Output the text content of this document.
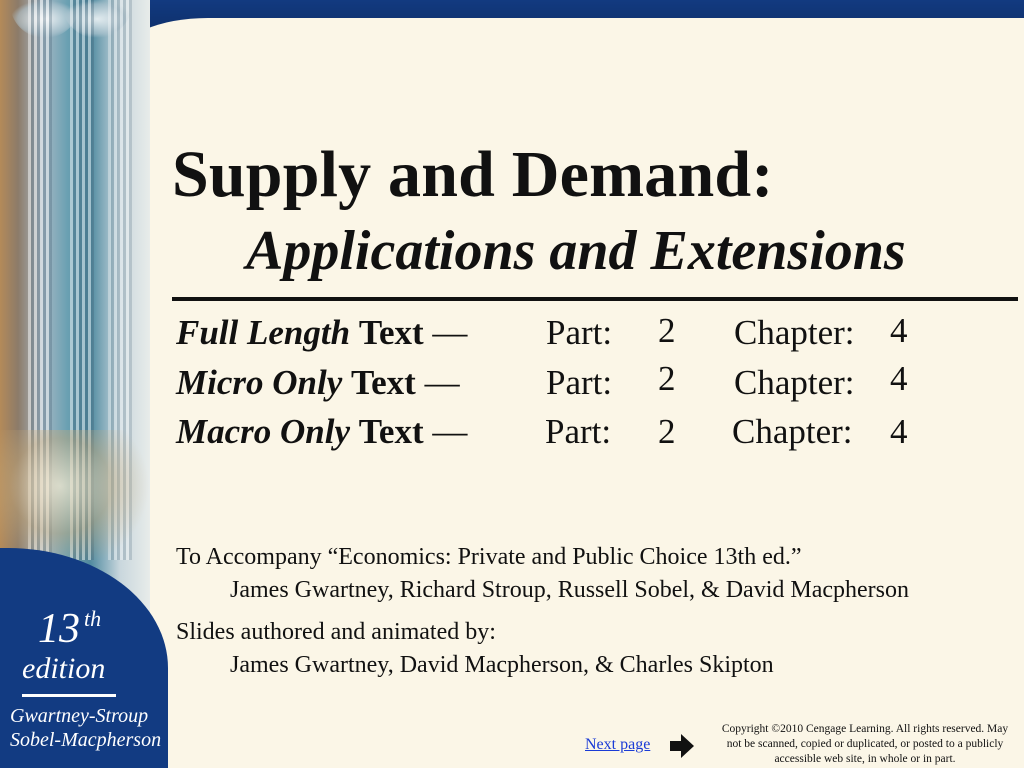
13 th
edition
Gwartney-Stroup
Sobel-Macpherson
Supply and Demand:
Applications and Extensions
Full Length Text — Part: 2 Chapter: 4
Micro Only Text — Part: 2 Chapter: 4
Macro Only Text — Part: 2 Chapter: 4
To Accompany “Economics: Private and Public Choice 13th ed.”
James Gwartney, Richard Stroup, Russell Sobel, & David Macpherson
Slides authored and animated by:
James Gwartney, David Macpherson, & Charles Skipton
Next page
Copyright ©2010 Cengage Learning. All rights reserved. May not be scanned, copied or duplicated, or posted to a publicly accessible web site, in whole or in part.
